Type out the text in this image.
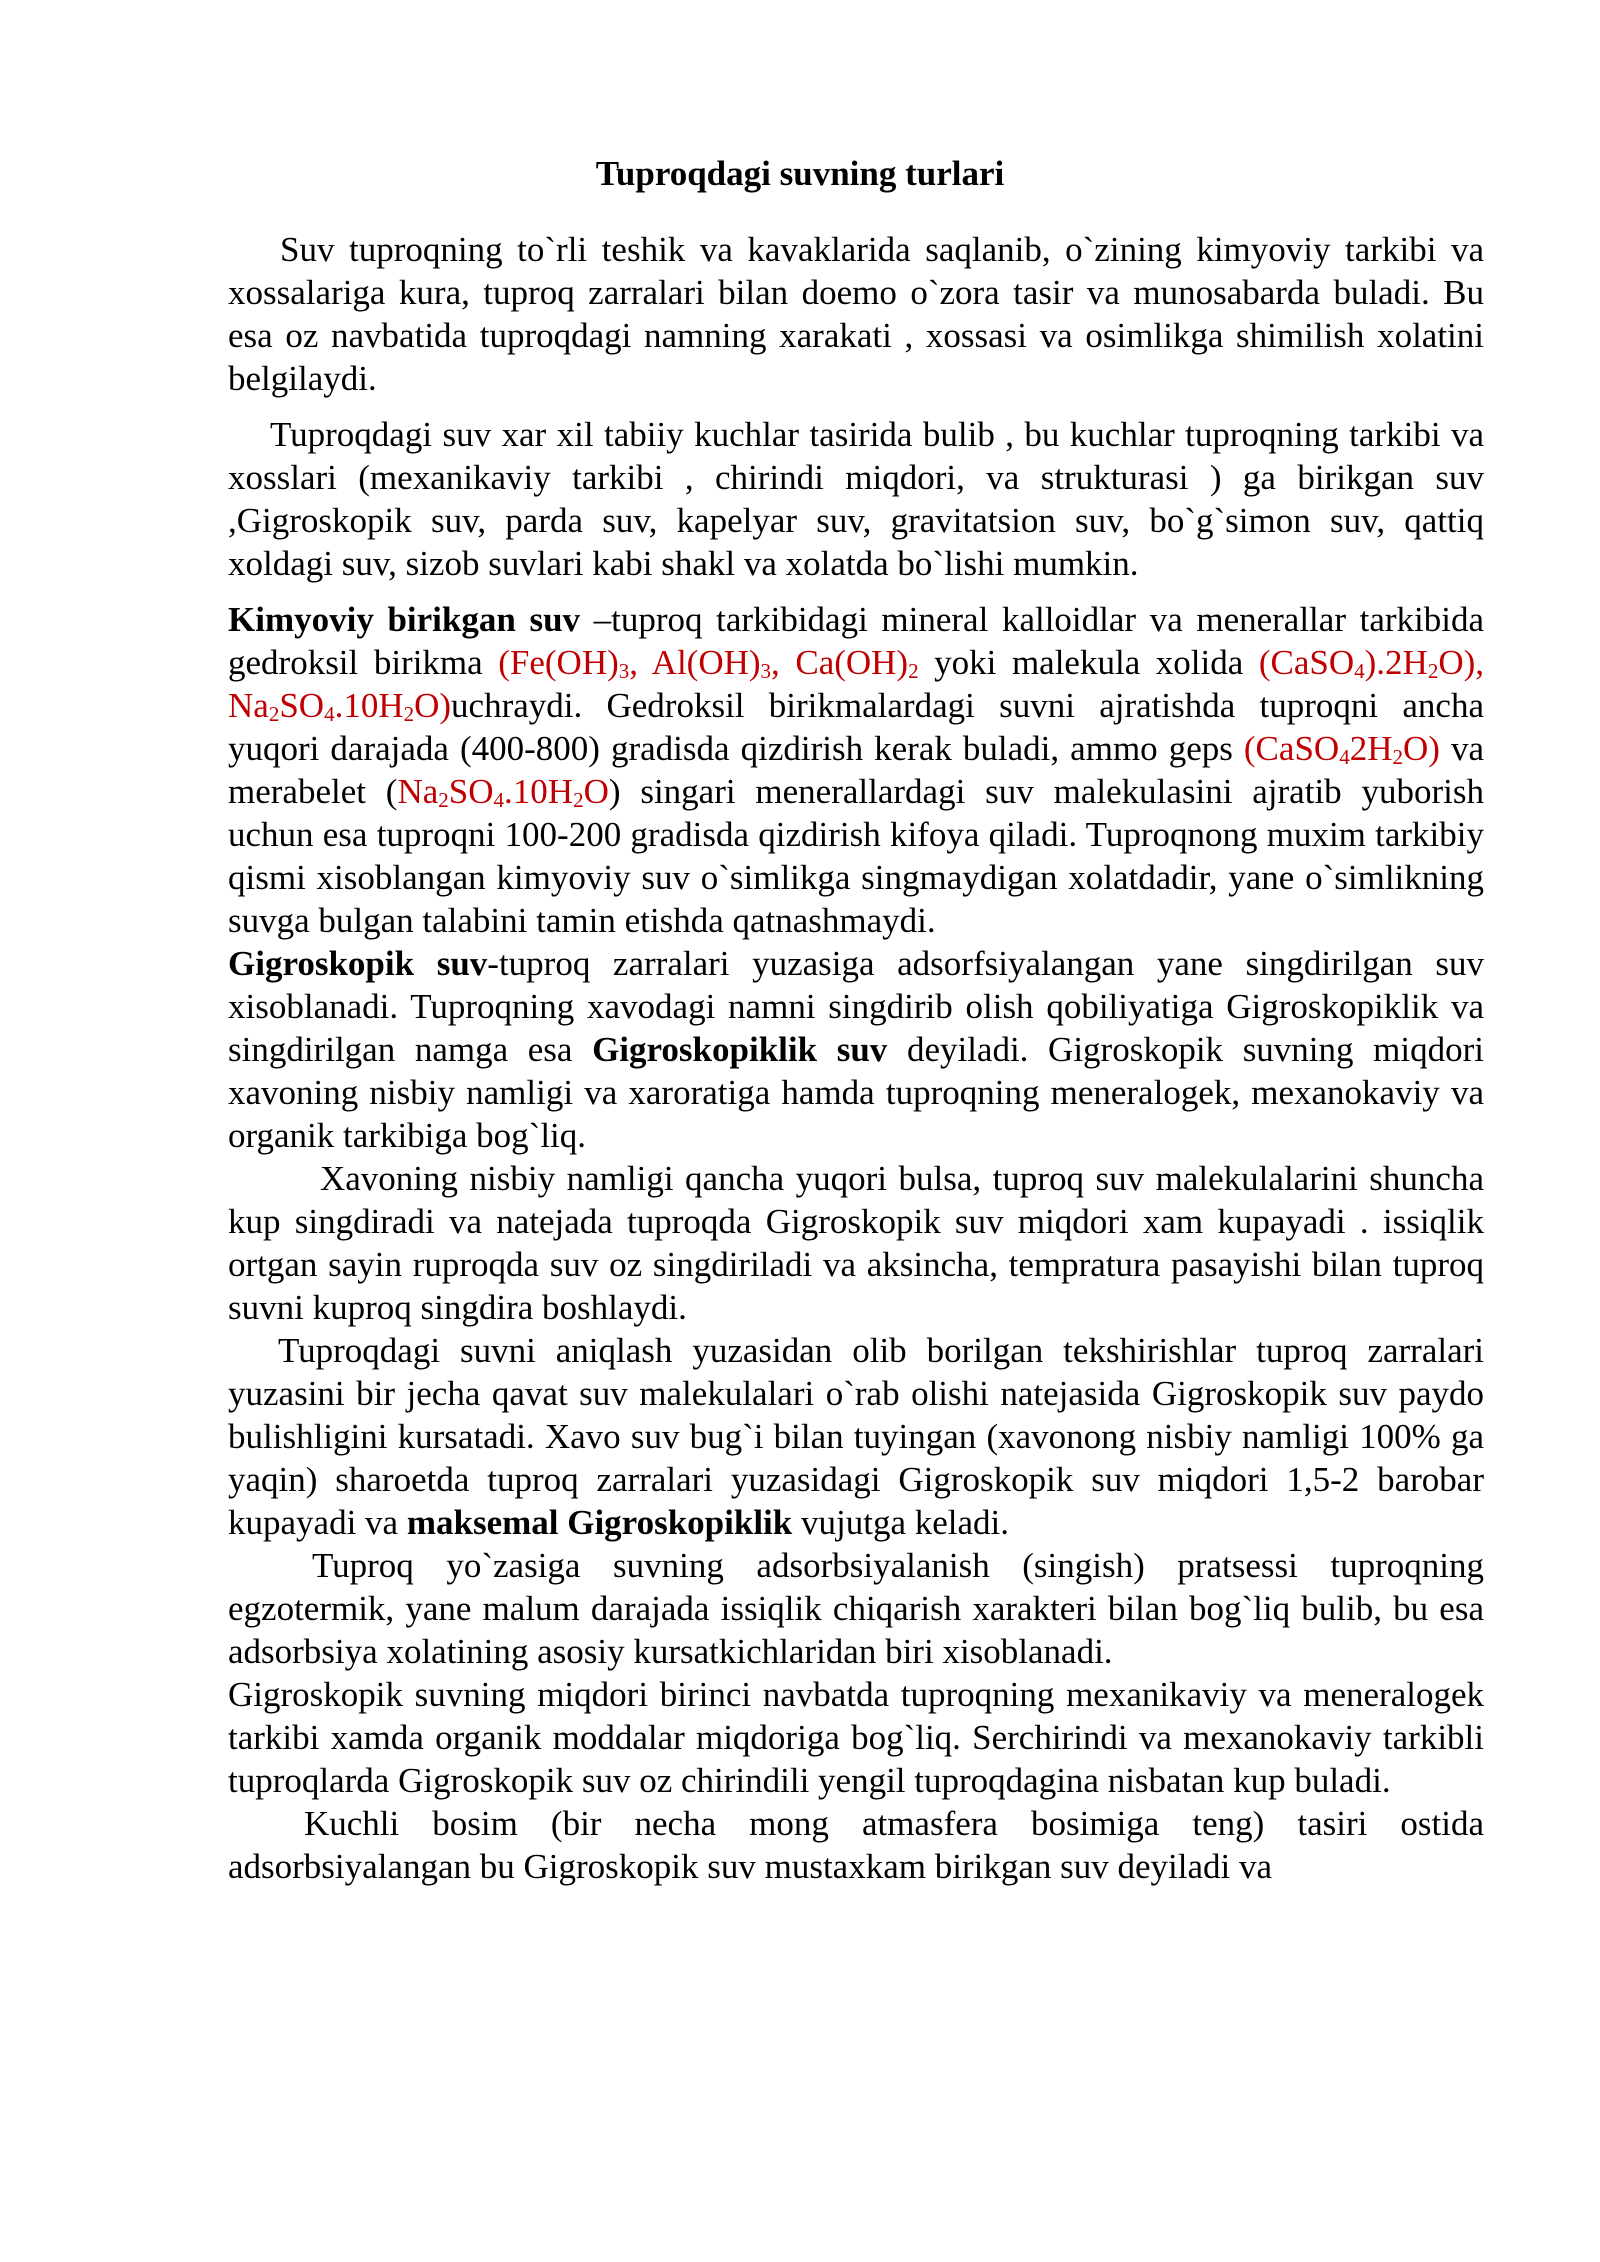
Tuproqdagi suvning turlari

Suv tuproqning to`rli teshik va kavaklarida saqlanib, o`zining kimyoviy tarkibi va xossalariga kura, tuproq zarralari bilan doemo o`zora tasir va munosabarda buladi. Bu esa oz navbatida tuproqdagi namning xarakati , xossasi va osimlikga shimilish xolatini belgilaydi.

Tuproqdagi suv xar xil tabiiy kuchlar tasirida bulib , bu kuchlar tuproqning tarkibi va xosslari (mexanikaviy tarkibi , chirindi miqdori, va strukturasi ) ga birikgan suv ,Gigroskopik suv, parda suv, kapelyar suv, gravitatsion suv, bo`g`simon suv, qattiq xoldagi suv, sizob suvlari kabi shakl va xolatda bo`lishi mumkin.

Kimyoviy birikgan suv –tuproq tarkibidagi mineral kalloidlar va menerallar tarkibida gedroksil birikma ($Fe(OH)_3$, $Al(OH)_3$, $Ca(OH)_2$ yoki malekula xolida $(CaSO_4).2H_2O$), $Na_2SO_4.10H_2O)uchraydi$. Gedroksil birikmalardagi suvni ajratishda tuproqni ancha yuqori darajada (400-800) gradisda qizdirish kerak buladi, ammo geps $(CaSO_42H_2O)$ va merabelet $(Na_2SO_4.10H_2O)$ singari menerallardagi suv malekulasini ajratib yuborish uchun esa tuproqni 100-200 gradisda qizdirish kifoya qiladi. Tuproqnong muxim tarkibiy qismi xisoblangan kimyoviy suv o`simlikga singmaydigan xolatdadir, yane o`simlikning suvga bulgan talabini tamin etishda qatnashmaydi.

Gigroskopik suv-tuproq zarralari yuzasiga adsorfsiyalangan yane singdirilgan suv xisoblanadi. Tuproqning xavodagi namni singdirib olish qobiliyatiga Gigroskopiklik va singdirilgan namga esa Gigroskopiklik suv deyiladi. Gigroskopik suvning miqdori xavoning nisbiy namligi va xaroratiga hamda tuproqning meneralogek, mexanokaviy va organik tarkibiga bog`liq.

Xavoning nisbiy namligi qancha yuqori bulsa, tuproq suv malekulalarini shuncha kup singdiradi va natejada tuproqda Gigroskopik suv miqdori xam kupayadi . issiqlik ortgan sayin ruproqda suv oz singdiriladi va aksincha, tempratura pasayishi bilan tuproq suvni kuproq singdira boshlaydi.

Tuproqdagi suvni aniqlash yuzasidan olib borilgan tekshirishlar tuproq zarralari yuzasini bir jecha qavat suv malekulalari o`rab olishi natejasida Gigroskopik suv paydo bulishligini kursatadi. Xavo suv bug`i bilan tuyingan (xavonong nisbiy namligi 100% ga yaqin) sharoetda tuproq zarralari yuzasidagi Gigroskopik suv miqdori 1,5-2 barobar kupayadi va maksemal Gigroskopiklik vujutga keladi.

Tuproq yo`zasiga suvning adsorbsiyalanish (singish) pratsessi tuproqning egzotermik, yane malum darajada issiqlik chiqarish xarakteri bilan bog`liq bulib, bu esa adsorbsiya xolatining asosiy kursatkichlaridan biri xisoblanadi.

Gigroskopik suvning miqdori birinci navbatda tuproqning mexanikaviy va meneralogek tarkibi xamda organik moddalar miqdoriga bog`liq. Serchirindi va mexanokaviy tarkibli tuproqlarda Gigroskopik suv oz chirindili yengil tuproqdagina nisbatan kup buladi.

Kuchli bosim (bir necha mong atmasfera bosimiga teng) tasiri ostida adsorbsiyalangan bu Gigroskopik suv mustaxkam birikgan suv deyiladi va
